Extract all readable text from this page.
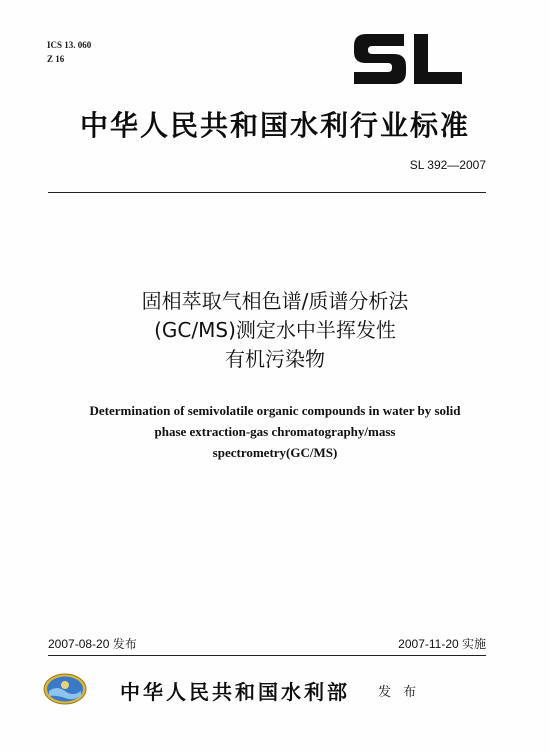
ICS 13. 060
Z 16
中华人民共和国水利行业标准
SL 392—2007
固相萃取气相色谱/质谱分析法
(GC/MS)测定水中半挥发性
有机污染物
Determination of semivolatile organic compounds in water by solid
phase extraction-gas chromatography/mass
spectrometry(GC/MS)
2007-08-20 发布	2007-11-20 实施
中华人民共和国水利部 发 布
